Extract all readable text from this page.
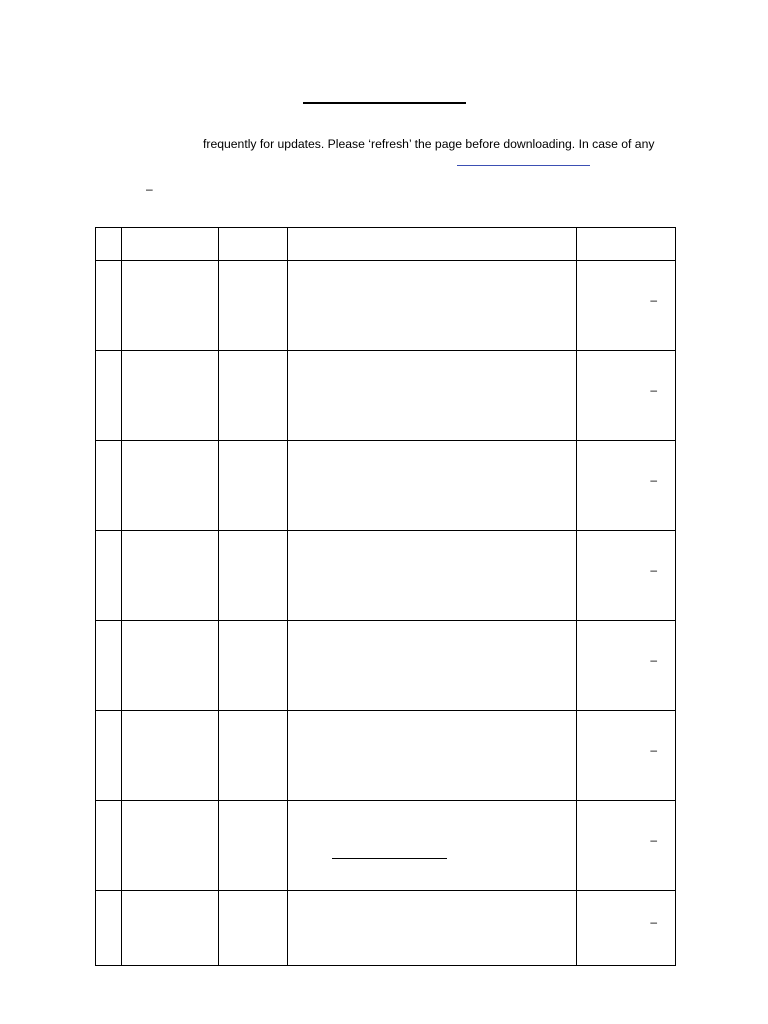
frequently for updates. Please ‘refresh’ the page before downloading. In case of any
–

				–

				–

				–

				–

				–

				–

				–

				–
